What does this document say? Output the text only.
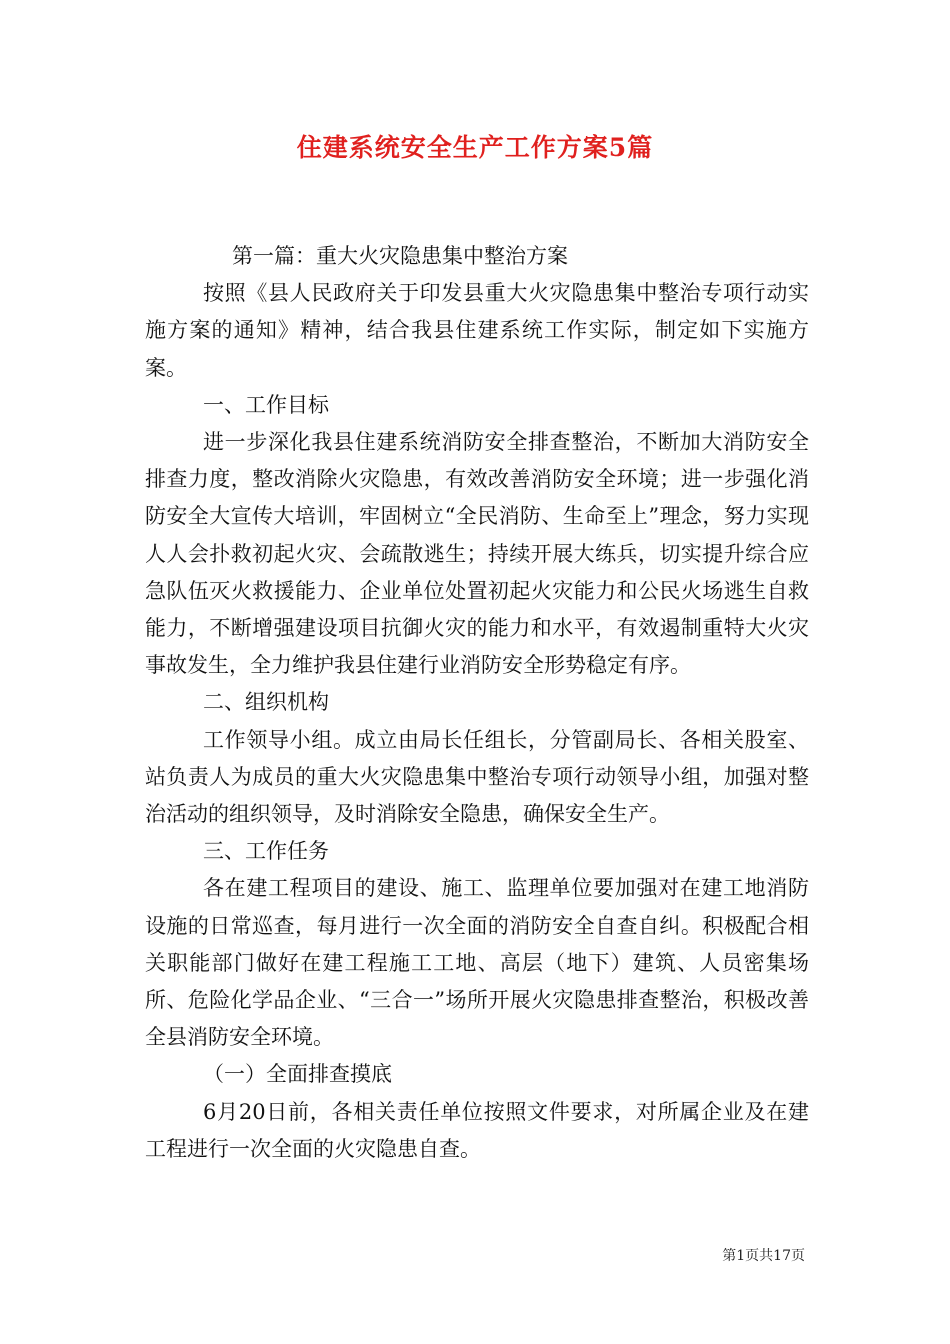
住建系统安全生产工作方案5篇

第一篇：重大火灾隐患集中整治方案

按照《县人民政府关于印发县重大火灾隐患集中整治专项行动实施方案的通知》精神，结合我县住建系统工作实际，制定如下实施方案。

一、工作目标

进一步深化我县住建系统消防安全排查整治，不断加大消防安全排查力度，整改消除火灾隐患，有效改善消防安全环境；进一步强化消防安全大宣传大培训，牢固树立“全民消防、生命至上”理念，努力实现人人会扑救初起火灾、会疏散逃生；持续开展大练兵，切实提升综合应急队伍灭火救援能力、企业单位处置初起火灾能力和公民火场逃生自救能力，不断增强建设项目抗御火灾的能力和水平，有效遏制重特大火灾事故发生，全力维护我县住建行业消防安全形势稳定有序。

二、组织机构

工作领导小组。成立由局长任组长，分管副局长、各相关股室、站负责人为成员的重大火灾隐患集中整治专项行动领导小组，加强对整治活动的组织领导，及时消除安全隐患，确保安全生产。

三、工作任务

各在建工程项目的建设、施工、监理单位要加强对在建工地消防设施的日常巡查，每月进行一次全面的消防安全自查自纠。积极配合相关职能部门做好在建工程施工工地、高层（地下）建筑、人员密集场所、危险化学品企业、“三合一”场所开展火灾隐患排查整治，积极改善全县消防安全环境。

（一）全面排查摸底

6月20日前，各相关责任单位按照文件要求，对所属企业及在建工程进行一次全面的火灾隐患自查。

第1页共17页
